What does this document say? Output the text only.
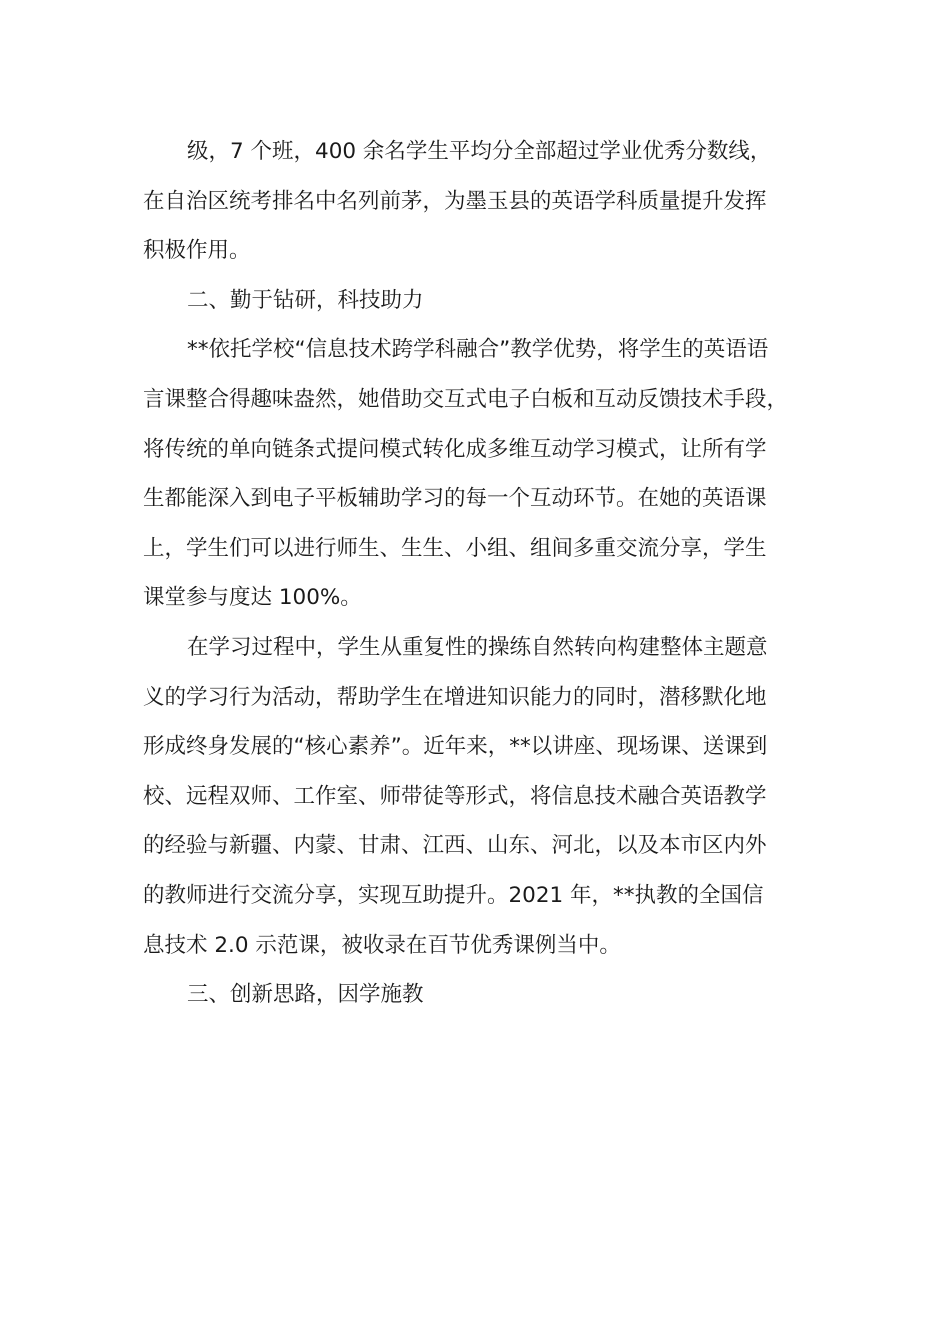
级，7 个班，400 余名学生平均分全部超过学业优秀分数线，
在自治区统考排名中名列前茅，为墨玉县的英语学科质量提升发挥
积极作用。
二、勤于钻研，科技助力
**依托学校“信息技术跨学科融合”教学优势，将学生的英语语
言课整合得趣味盎然，她借助交互式电子白板和互动反馈技术手段，
将传统的单向链条式提问模式转化成多维互动学习模式，让所有学
生都能深入到电子平板辅助学习的每一个互动环节。在她的英语课
上，学生们可以进行师生、生生、小组、组间多重交流分享，学生
课堂参与度达 100%。
在学习过程中，学生从重复性的操练自然转向构建整体主题意
义的学习行为活动，帮助学生在增进知识能力的同时，潜移默化地
形成终身发展的“核心素养”。近年来，**以讲座、现场课、送课到
校、远程双师、工作室、师带徒等形式，将信息技术融合英语教学
的经验与新疆、内蒙、甘肃、江西、山东、河北，以及本市区内外
的教师进行交流分享，实现互助提升。2021 年，**执教的全国信
息技术 2.0 示范课，被收录在百节优秀课例当中。
三、创新思路，因学施教
